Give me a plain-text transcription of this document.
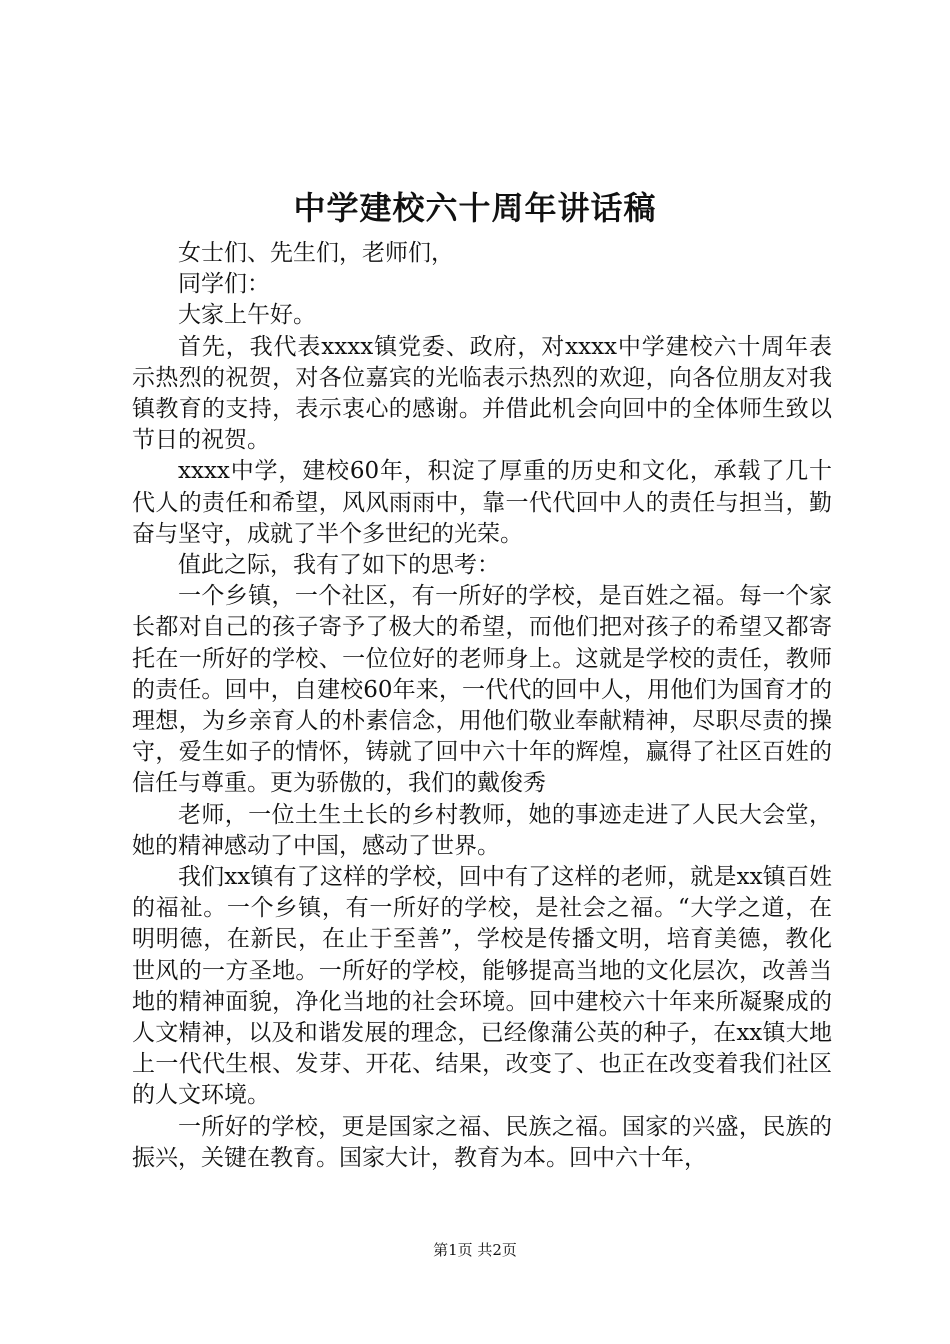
中学建校六十周年讲话稿

女士们、先生们，老师们，

同学们：

大家上午好。

首先，我代表xxxx镇党委、政府，对xxxx中学建校六十周年表示热烈的祝贺，对各位嘉宾的光临表示热烈的欢迎，向各位朋友对我镇教育的支持，表示衷心的感谢。并借此机会向回中的全体师生致以节日的祝贺。

xxxx中学，建校60年，积淀了厚重的历史和文化，承载了几十代人的责任和希望，风风雨雨中，靠一代代回中人的责任与担当，勤奋与坚守，成就了半个多世纪的光荣。

值此之际，我有了如下的思考：

一个乡镇，一个社区，有一所好的学校，是百姓之福。每一个家长都对自己的孩子寄予了极大的希望，而他们把对孩子的希望又都寄托在一所好的学校、一位位好的老师身上。这就是学校的责任，教师的责任。回中，自建校60年来，一代代的回中人，用他们为国育才的理想，为乡亲育人的朴素信念，用他们敬业奉献精神，尽职尽责的操守，爱生如子的情怀，铸就了回中六十年的辉煌，赢得了社区百姓的信任与尊重。更为骄傲的，我们的戴俊秀

老师，一位土生土长的乡村教师，她的事迹走进了人民大会堂，她的精神感动了中国，感动了世界。

我们xx镇有了这样的学校，回中有了这样的老师，就是xx镇百姓的福祉。一个乡镇，有一所好的学校，是社会之福。“大学之道，在明明德，在新民，在止于至善”，学校是传播文明，培育美德，教化世风的一方圣地。一所好的学校，能够提高当地的文化层次，改善当地的精神面貌，净化当地的社会环境。回中建校六十年来所凝聚成的人文精神，以及和谐发展的理念，已经像蒲公英的种子，在xx镇大地上一代代生根、发芽、开花、结果，改变了、也正在改变着我们社区的人文环境。

一所好的学校，更是国家之福、民族之福。国家的兴盛，民族的振兴，关键在教育。国家大计，教育为本。回中六十年，

第1页 共2页
